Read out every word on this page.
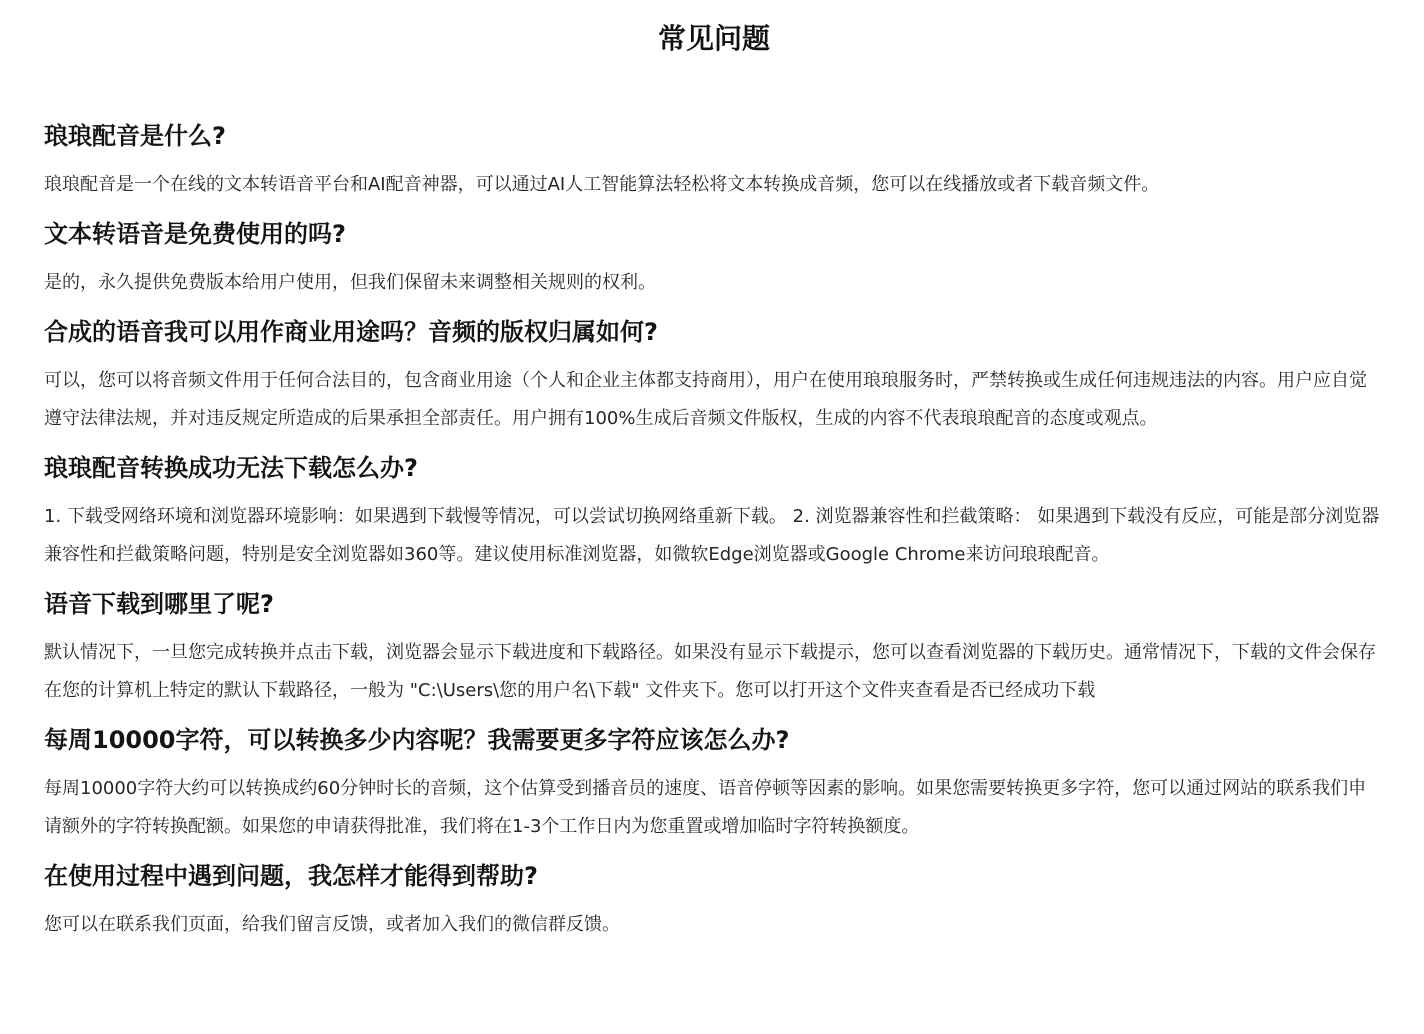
常见问题
琅琅配音是什么?

琅琅配音是一个在线的文本转语音平台和AI配音神器，可以通过AI人工智能算法轻松将文本转换成音频，您可以在线播放或者下载音频文件。

文本转语音是免费使用的吗?

是的，永久提供免费版本给用户使用，但我们保留未来调整相关规则的权利。

合成的语音我可以用作商业用途吗？音频的版权归属如何?

可以，您可以将音频文件用于任何合法目的，包含商业用途（个人和企业主体都支持商用），用户在使用琅琅服务时，严禁转换或生成任何违规违法的内容。用户应自觉遵守法律法规，并对违反规定所造成的后果承担全部责任。用户拥有100%生成后音频文件版权，生成的内容不代表琅琅配音的态度或观点。

琅琅配音转换成功无法下载怎么办?

1. 下载受网络环境和浏览器环境影响：如果遇到下载慢等情况，可以尝试切换网络重新下载。 2. 浏览器兼容性和拦截策略： 如果遇到下载没有反应，可能是部分浏览器兼容性和拦截策略问题，特别是安全浏览器如360等。建议使用标准浏览器，如微软Edge浏览器或Google Chrome来访问琅琅配音。

语音下载到哪里了呢?

默认情况下，一旦您完成转换并点击下载，浏览器会显示下载进度和下载路径。如果没有显示下载提示，您可以查看浏览器的下载历史。通常情况下，下载的文件会保存在您的计算机上特定的默认下载路径，一般为 "C:\Users\您的用户名\下载" 文件夹下。您可以打开这个文件夹查看是否已经成功下载

每周10000字符，可以转换多少内容呢？我需要更多字符应该怎么办?

每周10000字符大约可以转换成约60分钟时长的音频，这个估算受到播音员的速度、语音停顿等因素的影响。如果您需要转换更多字符，您可以通过网站的联系我们申请额外的字符转换配额。如果您的申请获得批准，我们将在1-3个工作日内为您重置或增加临时字符转换额度。

在使用过程中遇到问题，我怎样才能得到帮助?

您可以在联系我们页面，给我们留言反馈，或者加入我们的微信群反馈。
